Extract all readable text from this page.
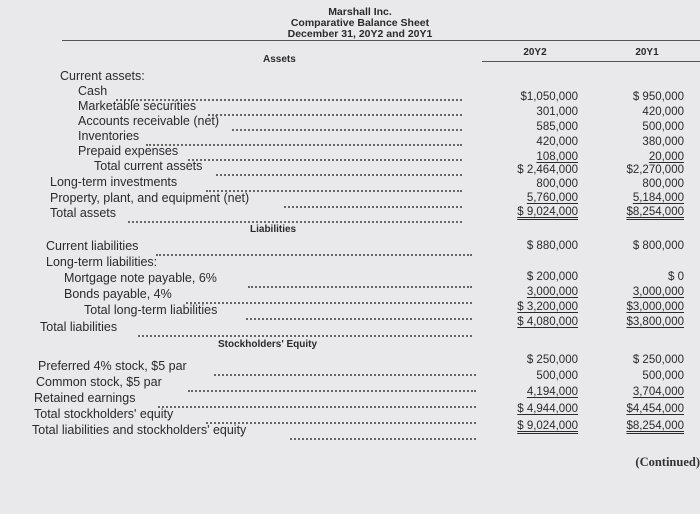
Marshall Inc.
Comparative Balance Sheet
December 31, 20Y2 and 20Y1
20Y2	20Y1
Assets
Current assets:
Cash	$1,050,000	$ 950,000
Marketable securities	301,000	420,000
Accounts receivable (net)	585,000	500,000
Inventories	420,000	380,000
Prepaid expenses	108,000	20,000
Total current assets	$ 2,464,000	$2,270,000
Long-term investments	800,000	800,000
Property, plant, and equipment (net)	5,760,000	5,184,000
Total assets	$ 9,024,000	$8,254,000
Liabilities
Current liabilities	$ 880,000	$ 800,000
Long-term liabilities:
Mortgage note payable, 6%	$ 200,000	$ 0
Bonds payable, 4%	3,000,000	3,000,000
Total long-term liabilities	$ 3,200,000	$3,000,000
Total liabilities	$ 4,080,000	$3,800,000
Stockholders' Equity
Preferred 4% stock, $5 par	$ 250,000	$ 250,000
Common stock, $5 par	500,000	500,000
Retained earnings	4,194,000	3,704,000
Total stockholders' equity	$ 4,944,000	$4,454,000
Total liabilities and stockholders' equity	$ 9,024,000	$8,254,000
(Continued)
